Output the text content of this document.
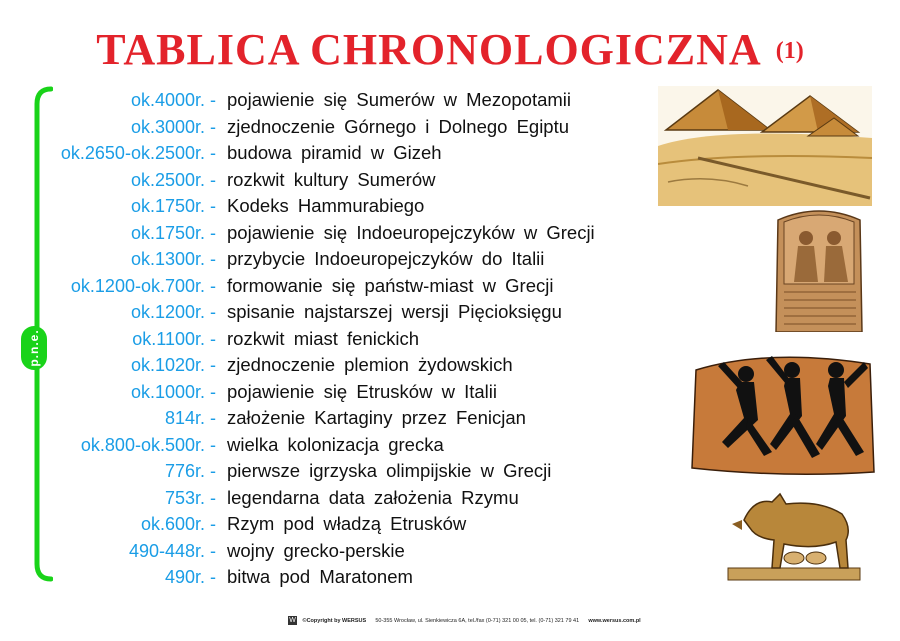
TABLICA CHRONOLOGICZNA (1)
p.n.e.
ok.4000r. - pojawienie się Sumerów w Mezopotamii
ok.3000r. - zjednoczenie Górnego i Dolnego Egiptu
ok.2650-ok.2500r. - budowa piramid w Gizeh
ok.2500r. - rozkwit kultury Sumerów
ok.1750r. - Kodeks Hammurabiego
ok.1750r. - pojawienie się Indoeuropejczyków w Grecji
ok.1300r. - przybycie Indoeuropejczyków do Italii
ok.1200-ok.700r. - formowanie się państw-miast w Grecji
ok.1200r. - spisanie najstarszej wersji Pięcioksięgu
ok.1100r. - rozkwit miast fenickich
ok.1020r. - zjednoczenie plemion żydowskich
ok.1000r. - pojawienie się Etrusków w Italii
814r. - założenie Kartaginy przez Fenicjan
ok.800-ok.500r. - wielka kolonizacja grecka
776r. - pierwsze igrzyska olimpijskie w Grecji
753r. - legendarna data założenia Rzymu
ok.600r. - Rzym pod władzą Etrusków
490-448r. - wojny grecko-perskie
490r. - bitwa pod Maratonem
W ©Copyright by WERSUS 50-355 Wrocław, ul. Sienkiewicza 6A, tel./fax (0-71) 321 00 05, tel. (0-71) 321 79 41 www.wersus.com.pl
